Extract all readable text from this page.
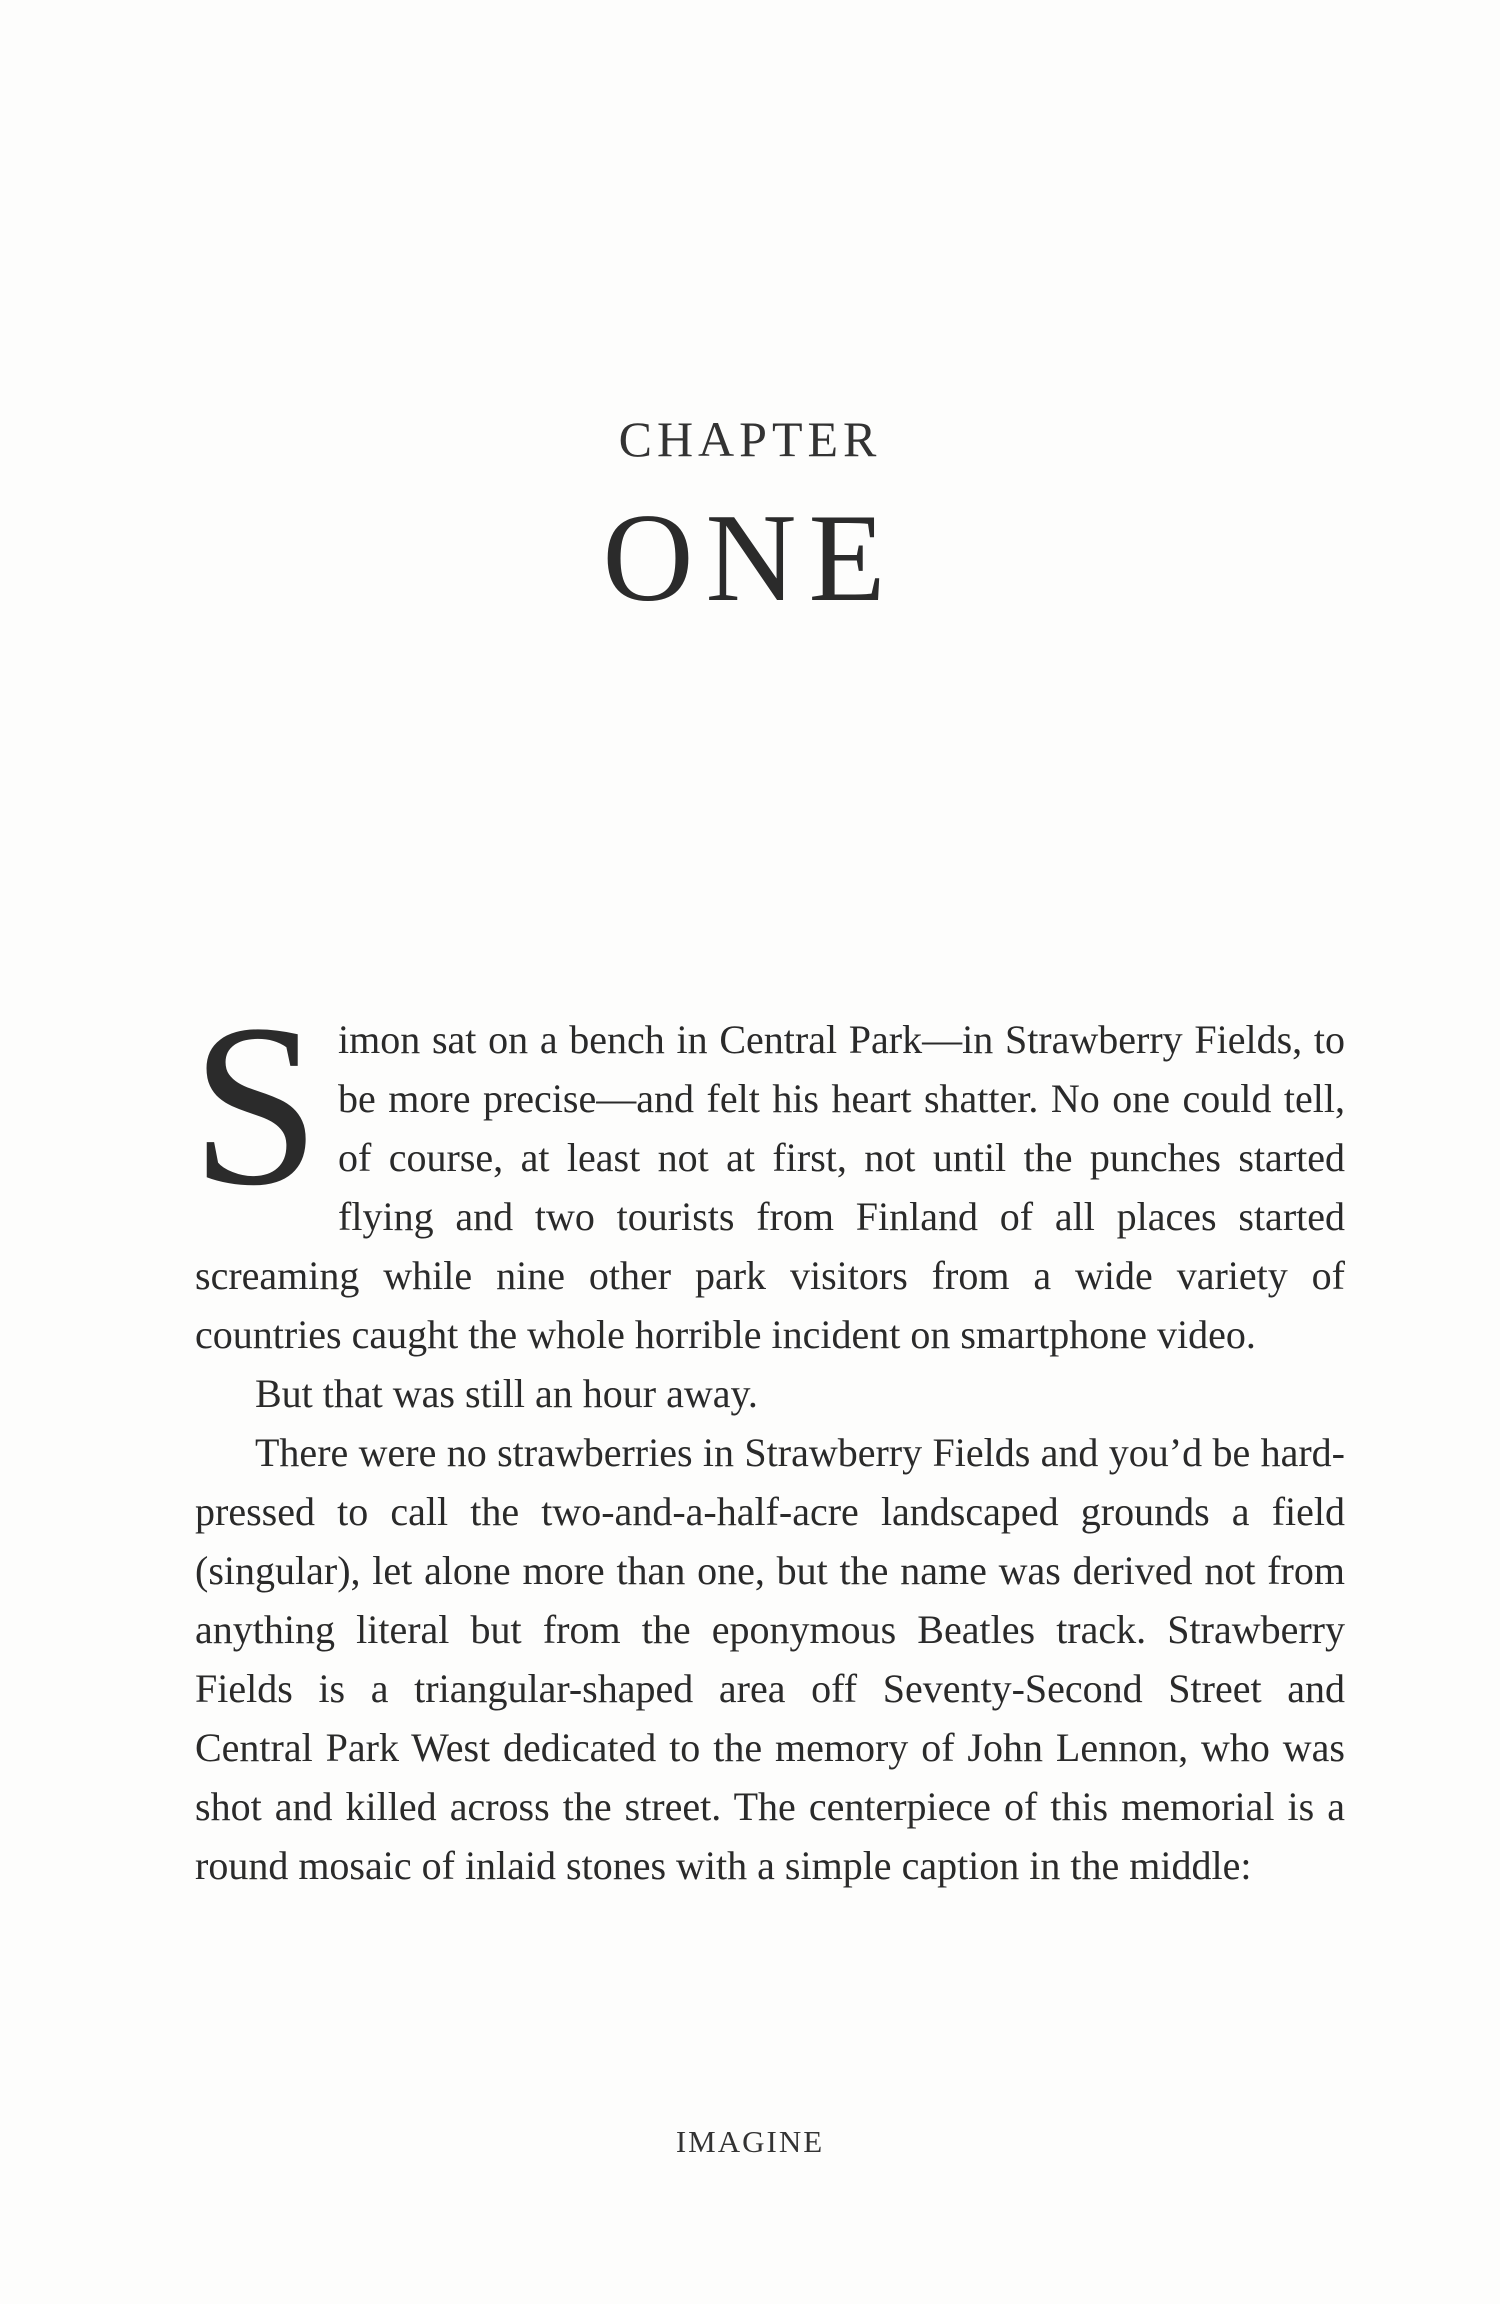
CHAPTER
ONE

Simon sat on a bench in Central Park—in Strawberry Fields, to be more precise—and felt his heart shatter. No one could tell, of course, at least not at first, not until the punches started flying and two tourists from Finland of all places started screaming while nine other park visitors from a wide variety of countries caught the whole horrible incident on smartphone video.

But that was still an hour away.

There were no strawberries in Strawberry Fields and you’d be hard-pressed to call the two-and-a-half-acre landscaped grounds a field (singular), let alone more than one, but the name was derived not from anything literal but from the eponymous Beatles track. Strawberry Fields is a triangular-shaped area off Seventy-Second Street and Central Park West dedicated to the memory of John Lennon, who was shot and killed across the street. The centerpiece of this memorial is a round mosaic of inlaid stones with a simple caption in the middle:

IMAGINE
